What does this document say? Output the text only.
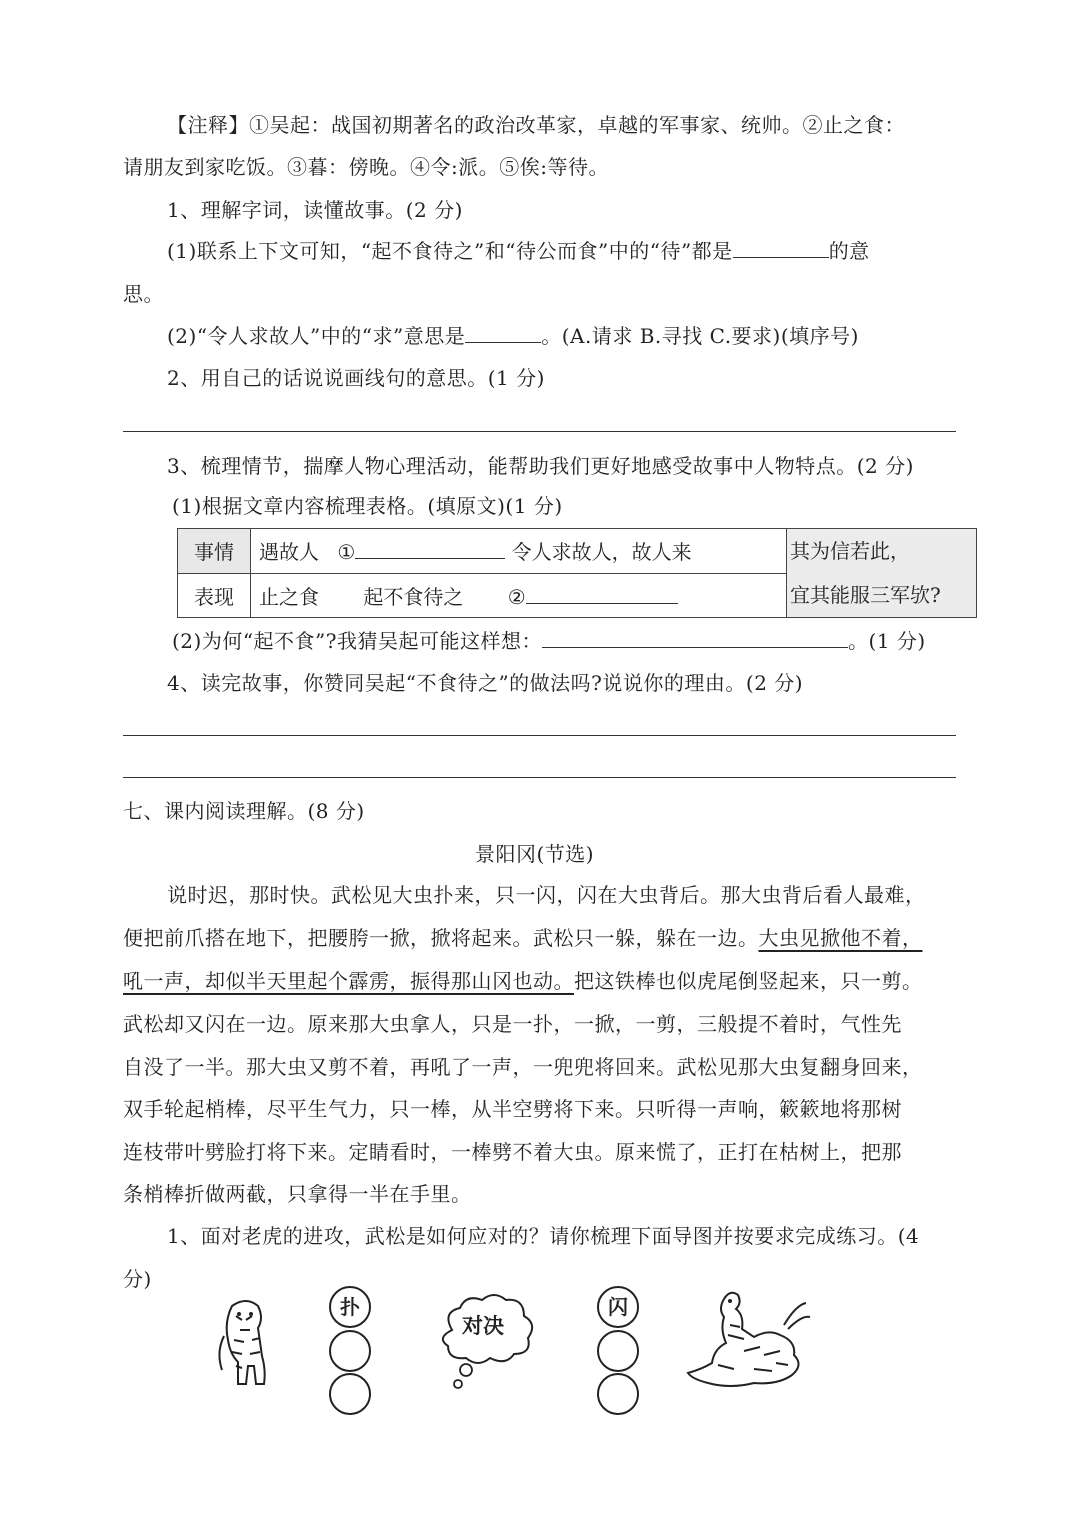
【注释】①吴起：战国初期著名的政治改革家，卓越的军事家、统帅。②止之食：
请朋友到家吃饭。③暮：傍晚。④令:派。⑤俟:等待。
1、理解字词，读懂故事。(2 分)
(1)联系上下文可知，“起不食待之”和“待公而食”中的“待”都是	的意
思。
(2)“令人求故人”中的“求”意思是	。(A.请求 B.寻找 C.要求)(填序号)
2、用自己的话说说画线句的意思。(1 分)
3、梳理情节，揣摩人物心理活动，能帮助我们更好地感受故事中人物特点。(2 分)
(1)根据文章内容梳理表格。(填原文)(1 分)
事情	遇故人 ① 令人求故人，故人来	其为信若此，
宜其能服三军欤?

表现	止之食 起不食待之 ②	
(2)为何“起不食”?我猜吴起可能这样想：	。(1 分)
4、读完故事，你赞同吴起“不食待之”的做法吗?说说你的理由。(2 分)
七、课内阅读理解。(8 分)
景阳冈(节选)
说时迟，那时快。武松见大虫扑来，只一闪，闪在大虫背后。那大虫背后看人最难，
便把前爪搭在地下，把腰胯一掀，掀将起来。武松只一躲，躲在一边。大虫见掀他不着，
吼一声，却似半天里起个霹雳，振得那山冈也动。把这铁棒也似虎尾倒竖起来，只一剪。
武松却又闪在一边。原来那大虫拿人，只是一扑，一掀，一剪，三般提不着时，气性先
自没了一半。那大虫又剪不着，再吼了一声，一兜兜将回来。武松见那大虫复翻身回来，
双手轮起梢棒，尽平生气力，只一棒，从半空劈将下来。只听得一声响，簌簌地将那树
连枝带叶劈脸打将下来。定睛看时，一棒劈不着大虫。原来慌了，正打在枯树上，把那
条梢棒折做两截，只拿得一半在手里。
1、面对老虎的进攻，武松是如何应对的？请你梳理下面导图并按要求完成练习。(4
分)
扑
对决
闪
